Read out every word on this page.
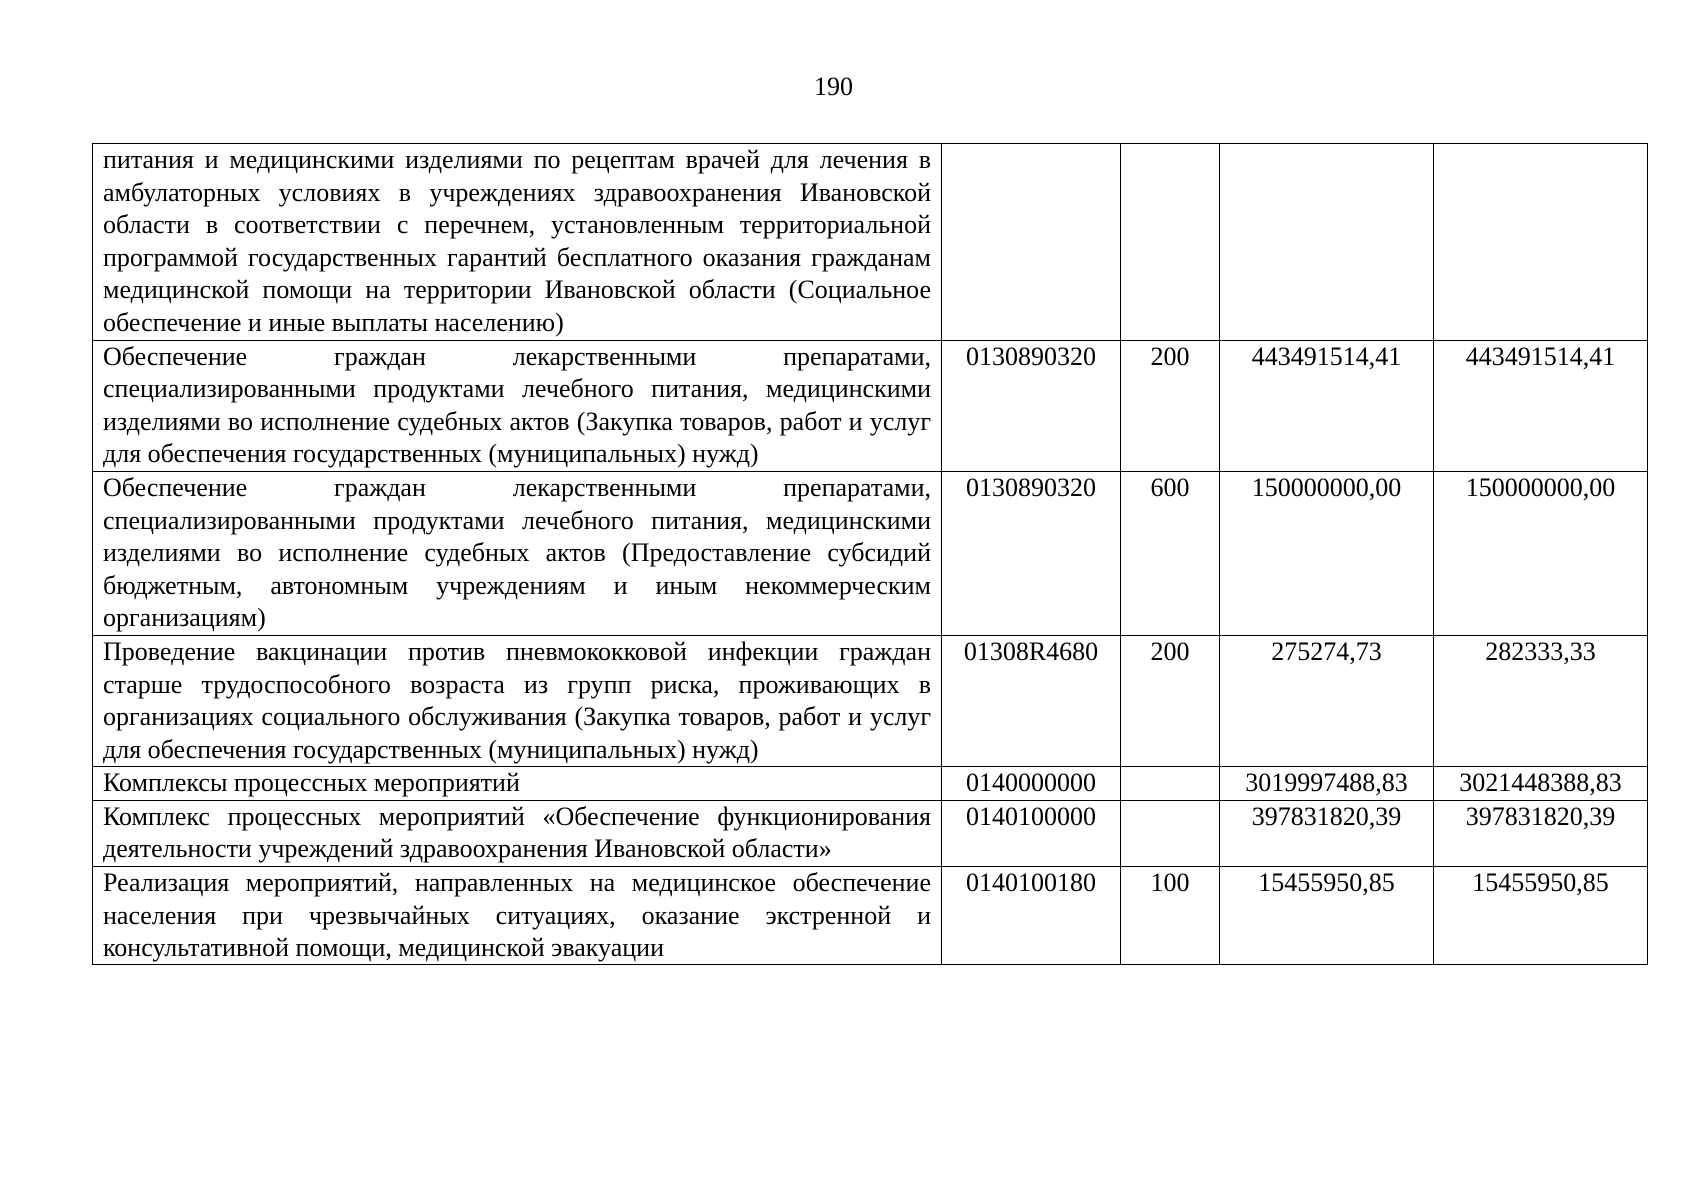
190
питания и медицинскими изделиями по рецептам врачей для лечения в амбулаторных условиях в учреждениях здравоохранения Ивановской области в соответствии с перечнем, установленным территориальной программой государственных гарантий бесплатного оказания гражданам медицинской помощи на территории Ивановской области (Социальное обеспечение и иные выплаты населению)				
Обеспечение граждан лекарственными препаратами, специализированными продуктами лечебного питания, медицинскими изделиями во исполнение судебных актов (Закупка товаров, работ и услуг для обеспечения государственных (муниципальных) нужд)	0130890320	200	443491514,41	443491514,41
Обеспечение граждан лекарственными препаратами, специализированными продуктами лечебного питания, медицинскими изделиями во исполнение судебных актов (Предоставление субсидий бюджетным, автономным учреждениям и иным некоммерческим организациям)	0130890320	600	150000000,00	150000000,00
Проведение вакцинации против пневмококковой инфекции граждан старше трудоспособного возраста из групп риска, проживающих в организациях социального обслуживания (Закупка товаров, работ и услуг для обеспечения государственных (муниципальных) нужд)	01308R4680	200	275274,73	282333,33
Комплексы процессных мероприятий	0140000000		3019997488,83	3021448388,83
Комплекс процессных мероприятий «Обеспечение функционирования деятельности учреждений здравоохранения Ивановской области»	0140100000		397831820,39	397831820,39

Реализация мероприятий, направленных на медицинское обеспечение населения при чрезвычайных ситуациях, оказание экстренной и консультативной помощи, медицинской эвакуации	0140100180	100	15455950,85	15455950,85
